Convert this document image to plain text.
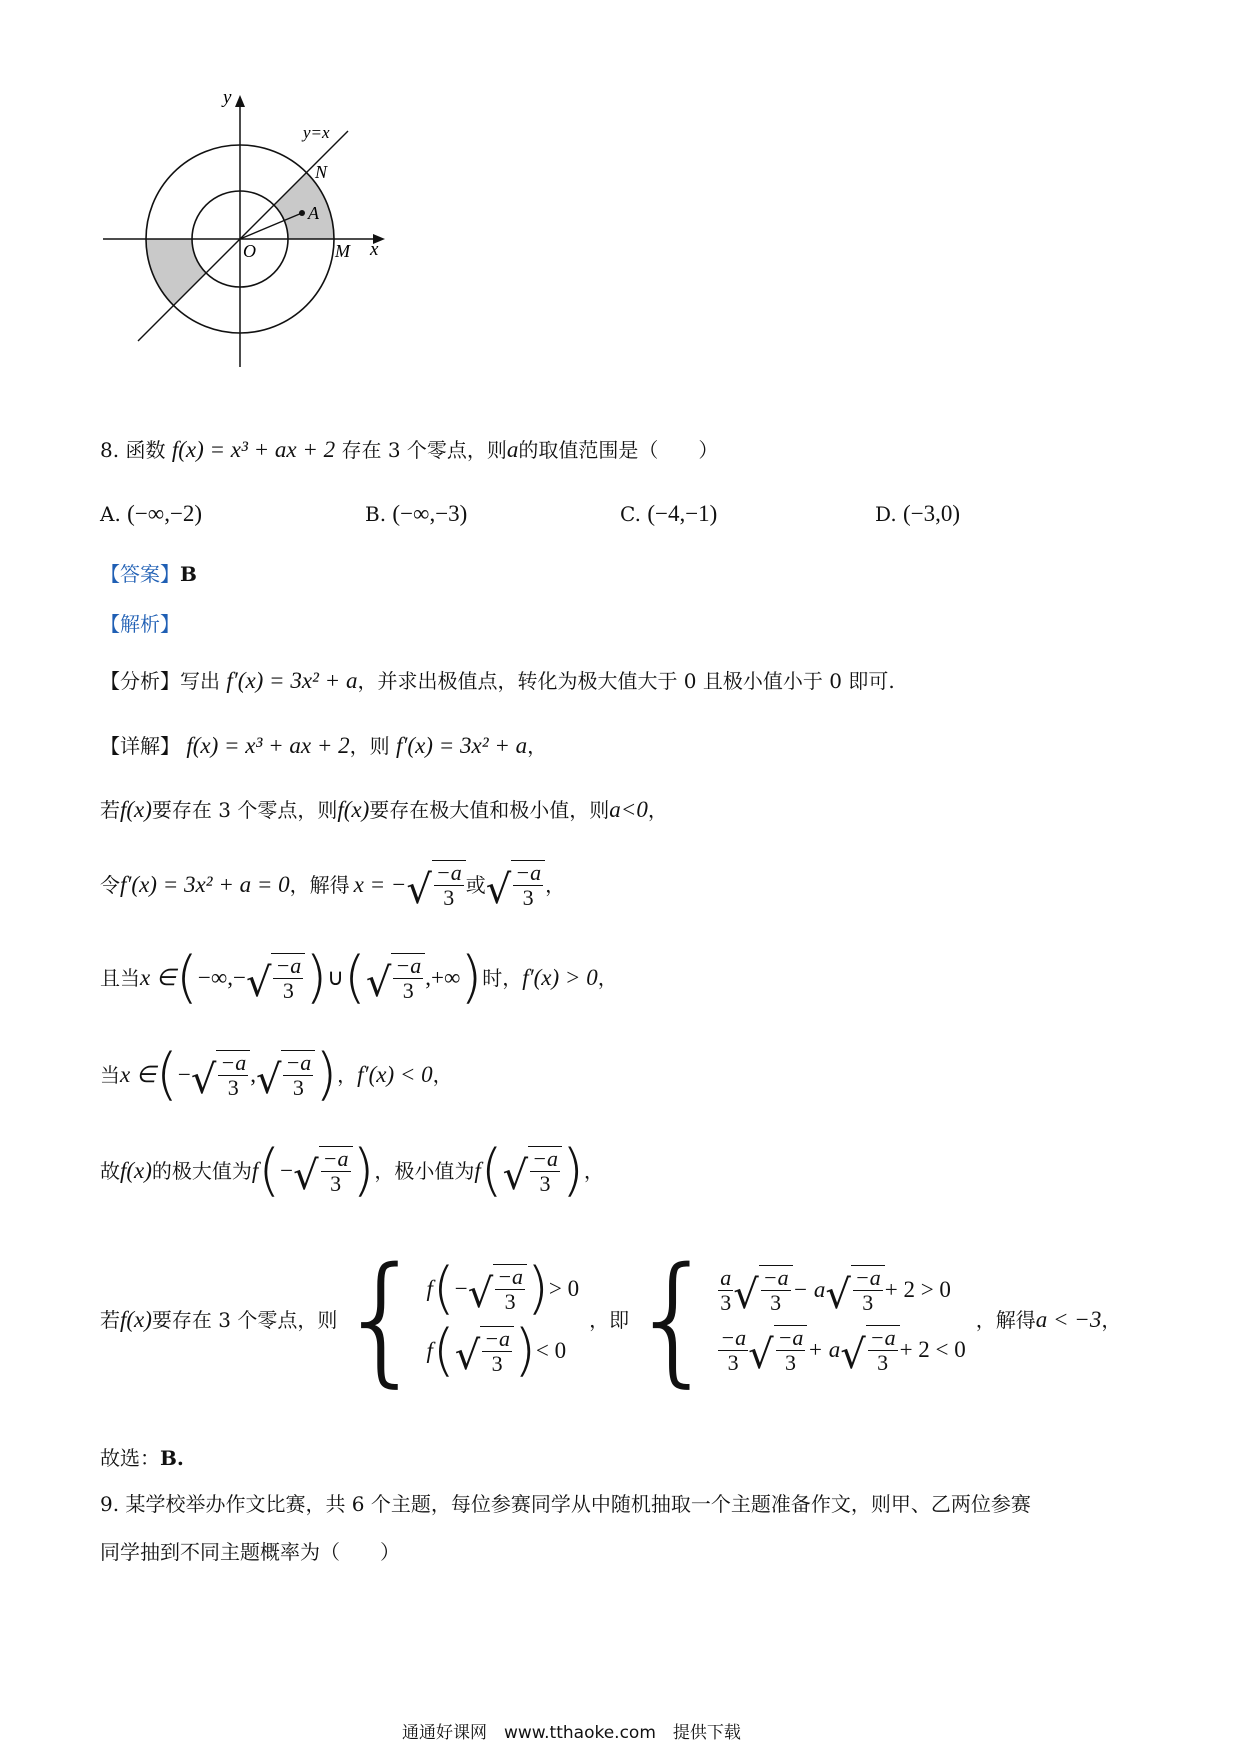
y
x
y=x
N
A
O	M
8. 函数 f(x) = x³ + ax + 2 存在 3 个零点，则a的取值范围是（　　）
A. (−∞,−2)	B. (−∞,−3)	C. (−4,−1)	D. (−3,0)
【答案】B
【解析】
【分析】写出 f′(x) = 3x² + a，并求出极值点，转化为极大值大于 0 且极小值小于 0 即可.
【详解】 f(x) = x³ + ax + 2，则 f′(x) = 3x² + a，
若f(x)要存在 3 个零点，则f(x)要存在极大值和极小值，则a<0，
令 f′(x) = 3x² + a = 0 ，解得 x = − √ $\frac{-a}{3}$ 或 √ $\frac{-a}{3}$ ，
且当 x ∈ ( −∞,− √ $\frac{-a}{3}$ ) ∪ ( √ $\frac{-a}{3}$ ,+∞ ) 时， f′(x) > 0 ，
当 x ∈ ( − √ $\frac{-a}{3}$ , √ $\frac{-a}{3}$ ) ， f′(x) < 0 ，
故 f(x) 的极大值为 f ( − √ $\frac{-a}{3}$ ) ，极小值为 f ( √ $\frac{-a}{3}$ ) ，
若 f(x) 要存在 3 个零点，则 { f ( − √ $\frac{-a}{3}$ ) > 0
f ( √ $\frac{-a}{3}$ ) < 0
，即 { $\frac{a}{3}$ √ $\frac{-a}{3} - a$ √ $\frac{-a}{3} + 2 > 0$
$\frac{-a}{3}$ √ $\frac{-a}{3} + a$ √ $\frac{-a}{3} + 2 < 0$
，解得 a < −3 ，
故选：B.
9. 某学校举办作文比赛，共 6 个主题，每位参赛同学从中随机抽取一个主题准备作文，则甲、乙两位参赛
同学抽到不同主题概率为（　　）
通通好课网　www.tthaoke.com　提供下载
